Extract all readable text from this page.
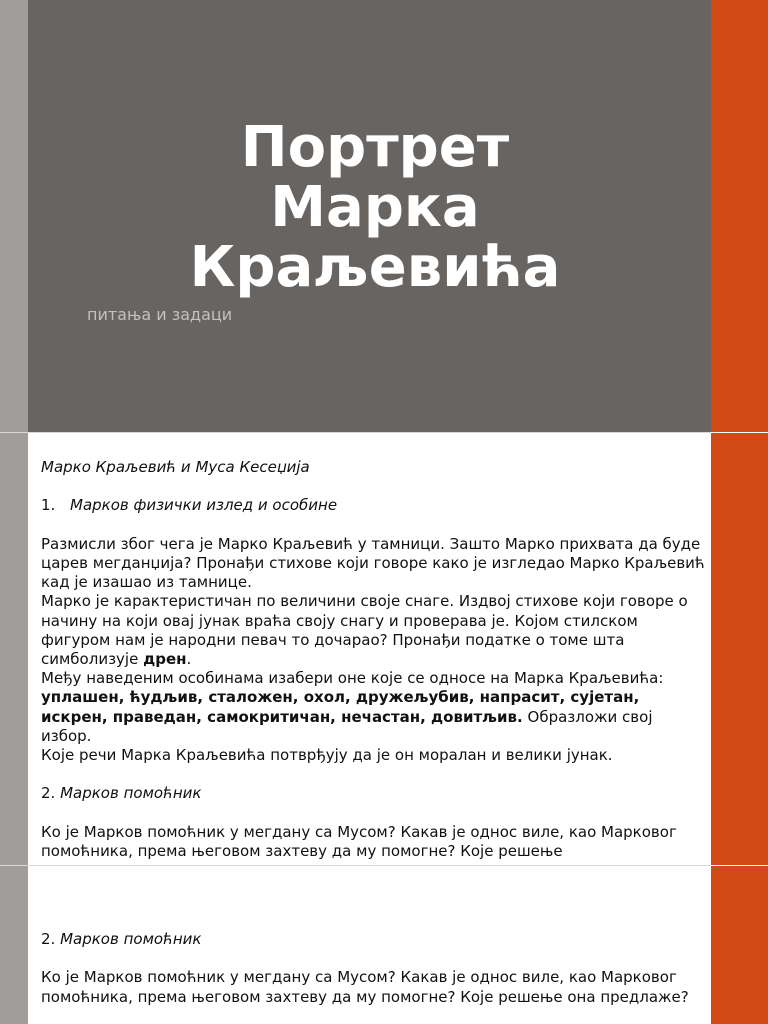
Портрет
Марка
Краљевића
питања и задаци

Марко Краљевић и Муса Кесеџија

1. Марков физички излед и особине

Размисли због чега је Марко Краљевић у тамници. Зашто Марко прихвата да буде царев мегданџија? Пронађи стихове који говоре како је изгледао Марко Краљевић кад је изашао из тамнице.

Марко је карактеристичан по величини своје снаге. Издвој стихове који говоре о начину на који овај јунак враћа своју снагу и проверава је. Којом стилском фигуром нам је народни певач то дочарао? Пронађи податке о томе шта симболизује дрен.

Међу наведеним особинама изабери оне које се односе на Марка Краљевића: уплашен, ћудљив, сталожен, охол, дружељубив, напрасит, сујетан, искрен, праведан, самокритичан, нечастан, довитљив. Образложи свој избор.

Које речи Марка Краљевића потврђују да је он моралан и велики јунак.

2. Марков помоћник

Ко је Марков помоћник у мегдану са Мусом? Какав је однос виле, као Марковог помоћника, према његовом захтеву да му помогне? Које решење

2. Марков помоћник

Ко је Марков помоћник у мегдану са Мусом? Какав је однос виле, као Марковог помоћника, према његовом захтеву да му помогне? Које решење она предлаже?
